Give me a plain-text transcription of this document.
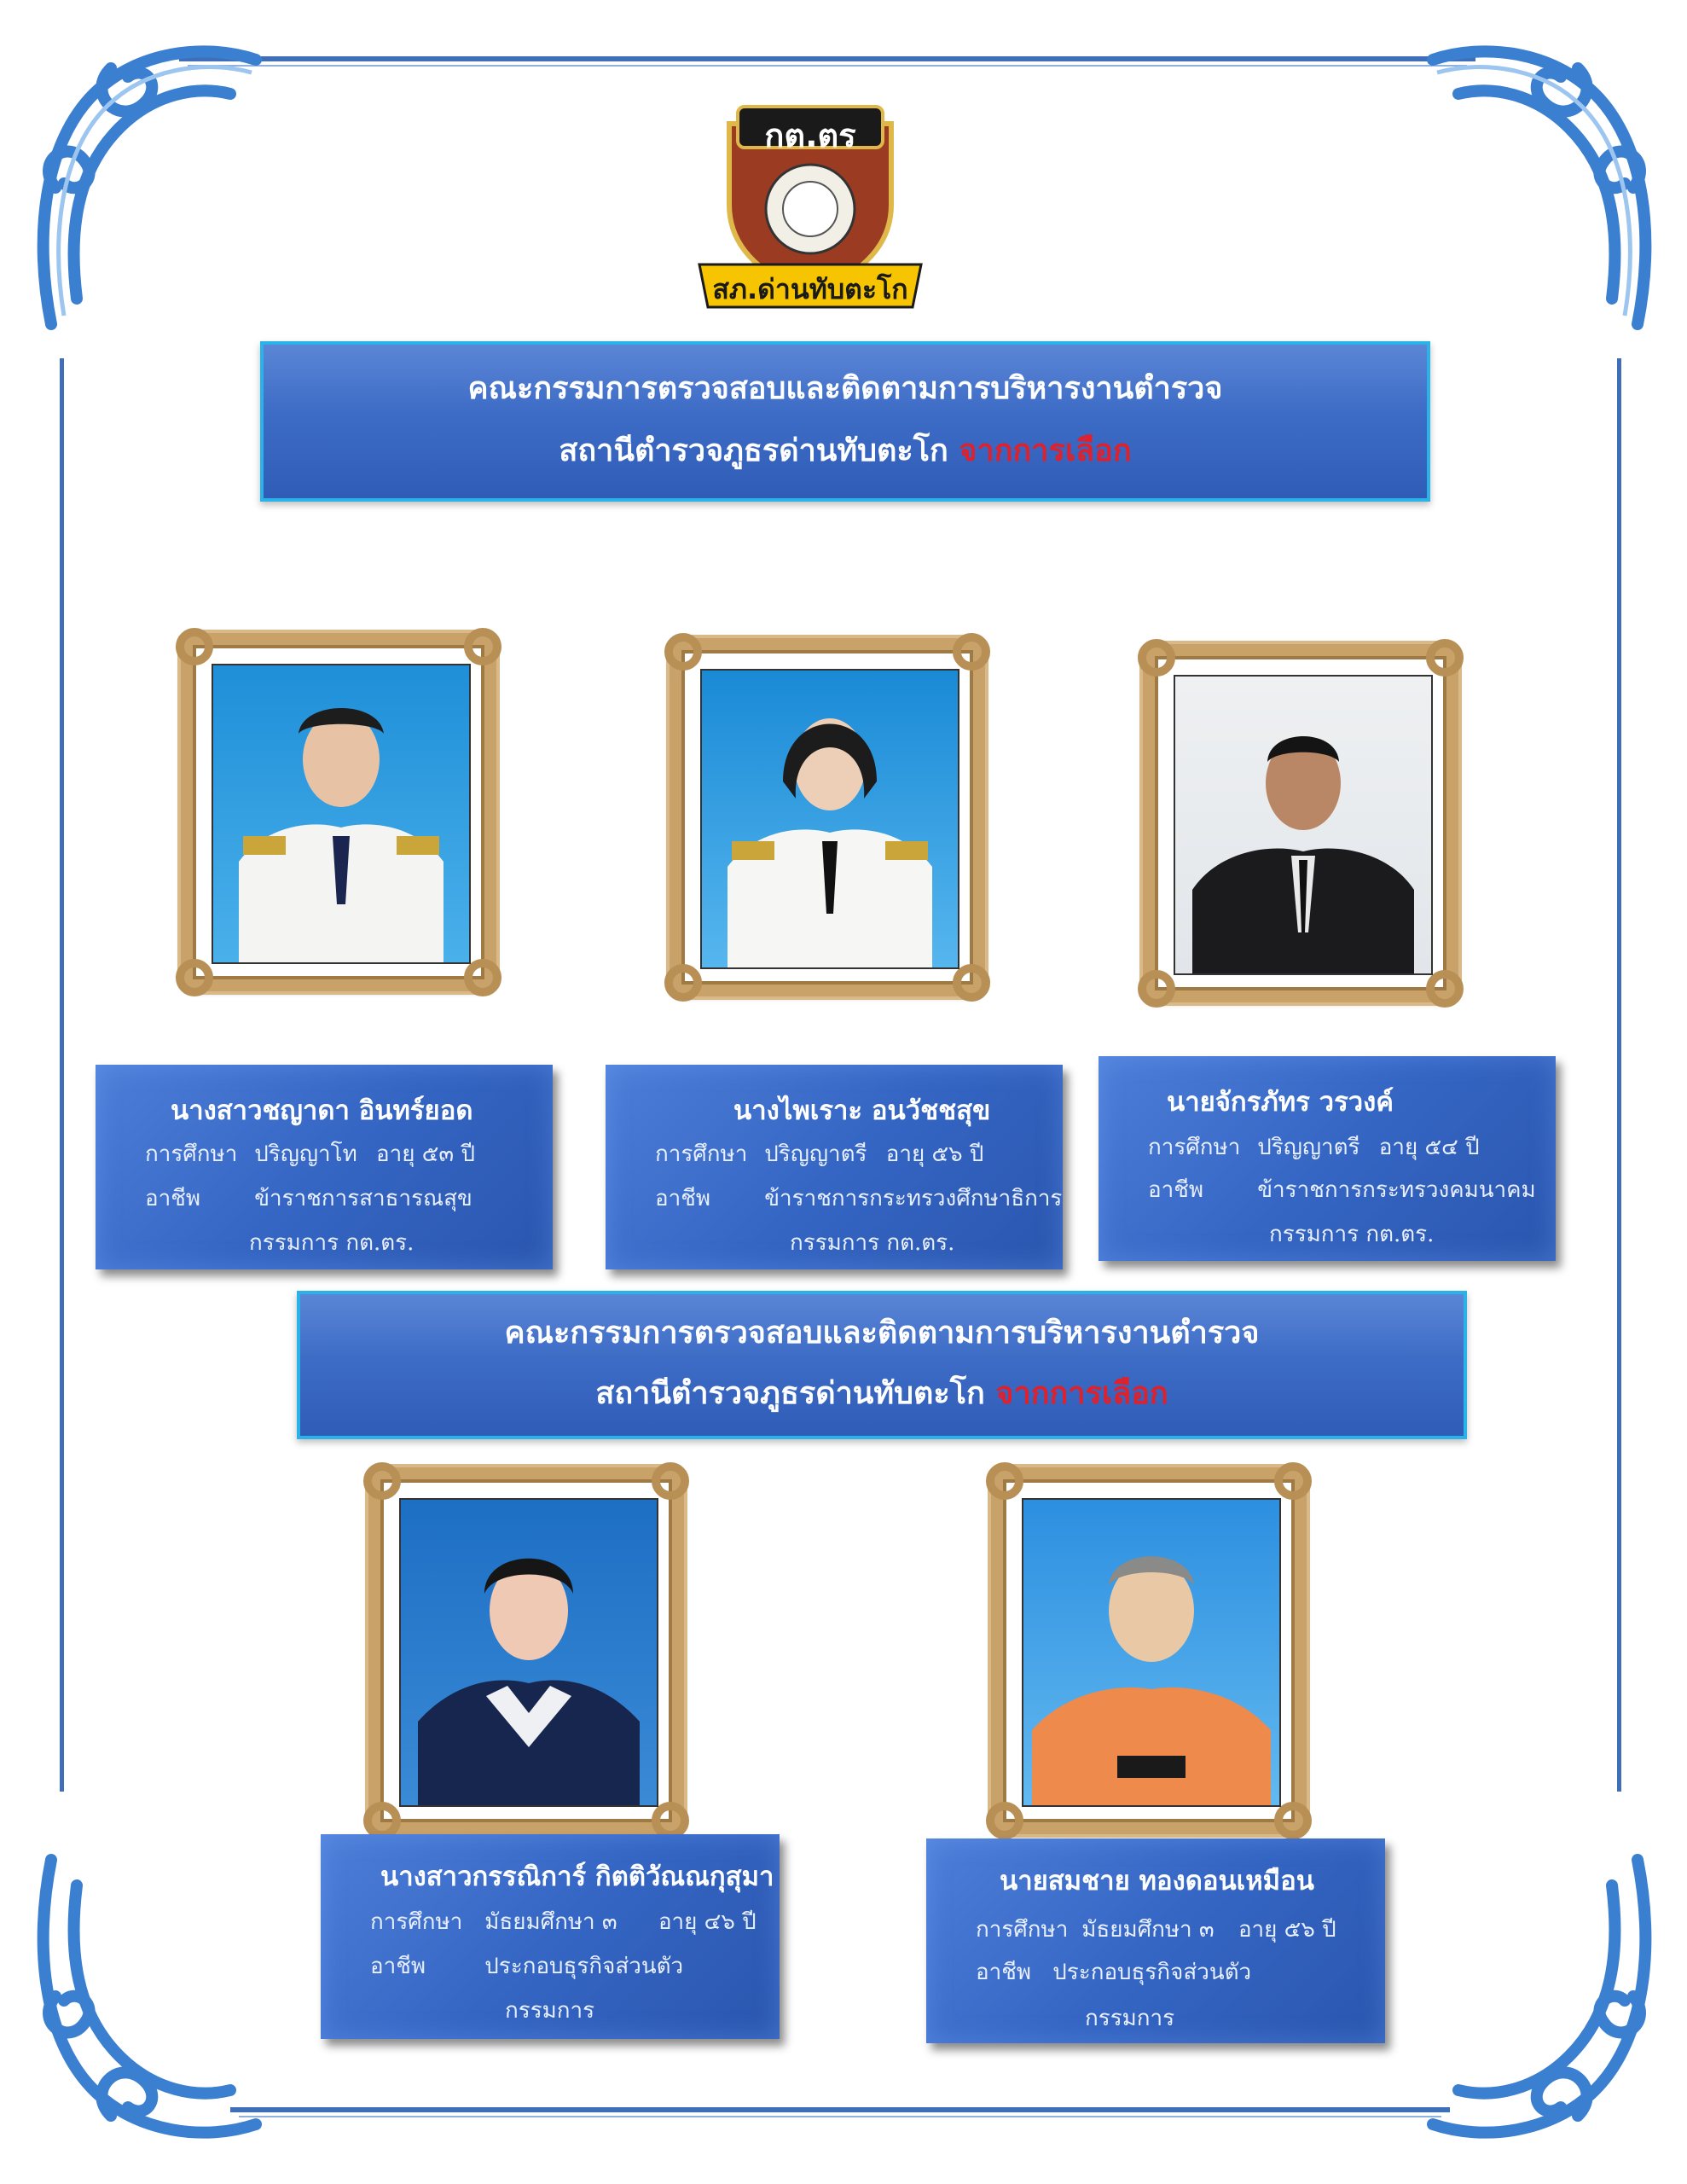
กต.ตร
สภ.ด่านทับตะโก
คณะกรรมการตรวจสอบและติดตามการบริหารงานตำรวจ
สถานีตำรวจภูธรด่านทับตะโก จากการเลือก
นางสาวชญาดา อินทร์ยอด
การศึกษา ปริญญาโท อายุ ๕๓ ปี
อาชีพ ข้าราชการสาธารณสุข
กรรมการ กต.ตร.
นางไพเราะ อนวัชชสุข
การศึกษา ปริญญาตรี อายุ ๕๖ ปี
อาชีพ ข้าราชการกระทรวงศึกษาธิการ
กรรมการ กต.ตร.
นายจักรภัทร วรวงค์
การศึกษา ปริญญาตรี อายุ ๕๔ ปี
อาชีพ ข้าราชการกระทรวงคมนาคม
กรรมการ กต.ตร.
คณะกรรมการตรวจสอบและติดตามการบริหารงานตำรวจ
สถานีตำรวจภูธรด่านทับตะโก จากการเลือก
นางสาวกรรณิการ์ กิตติวัณณกุสุมา
การศึกษา มัธยมศึกษา ๓ อายุ ๔๖ ปี
อาชีพ	ประกอบธุรกิจส่วนตัว
กรรมการ
นายสมชาย ทองดอนเหมือน
การศึกษา มัธยมศึกษา ๓ อายุ ๕๖ ปี
อาชีพ ประกอบธุรกิจส่วนตัว
กรรมการ
